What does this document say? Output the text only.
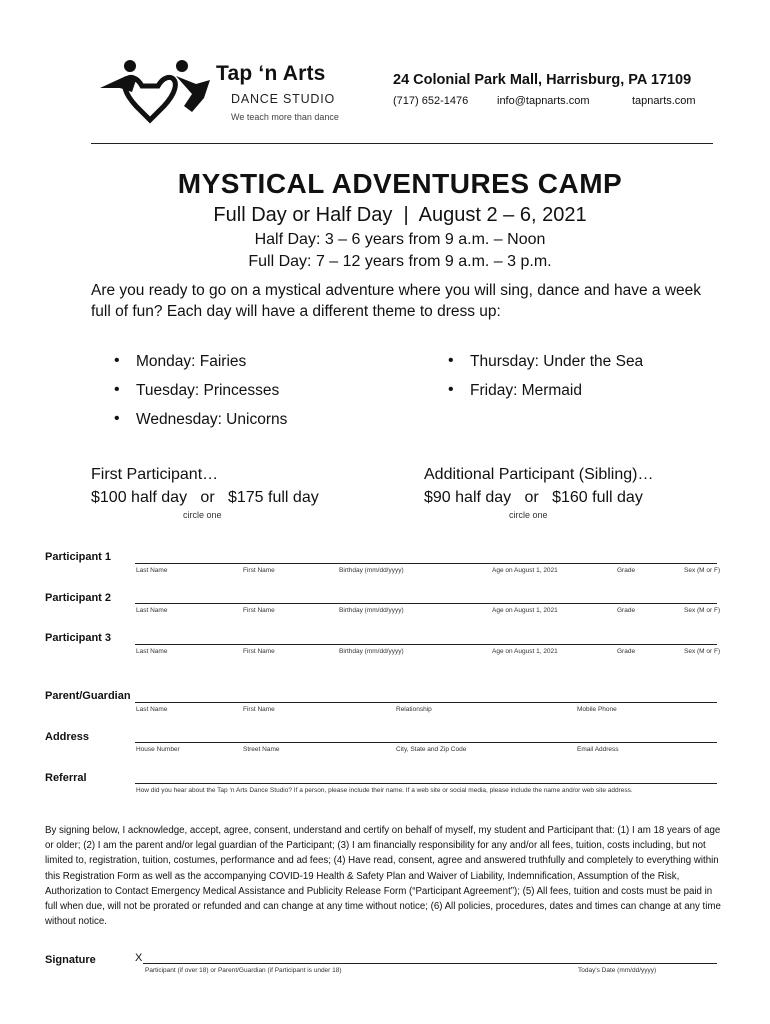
Tap ‘n Arts
DANCE STUDIO
We teach more than dance
24 Colonial Park Mall, Harrisburg, PA 17109
(717) 652-1476	info@tapnarts.com	tapnarts.com
MYSTICAL ADVENTURES CAMP
Full Day or Half Day  |  August 2 – 6, 2021
Half Day: 3 – 6 years from 9 a.m. – Noon
Full Day: 7 – 12 years from 9 a.m. – 3 p.m.
Are you ready to go on a mystical adventure where you will sing, dance and have a week full of fun? Each day will have a different theme to dress up:
• Monday: Fairies
• Tuesday: Princesses
• Wednesday: Unicorns
• Thursday: Under the Sea
• Friday: Mermaid
First Participant…
$100 half day   or   $175 full day
circle one
Additional Participant (Sibling)…
$90 half day   or   $160 full day
circle one
Participant 1
Last Name	First Name	Birthday (mm/dd/yyyy)	Age on August 1, 2021	Grade	Sex (M or F)
Participant 2
Last Name	First Name	Birthday (mm/dd/yyyy)	Age on August 1, 2021	Grade	Sex (M or F)
Participant 3
Last Name	First Name	Birthday (mm/dd/yyyy)	Age on August 1, 2021	Grade	Sex (M or F)
Parent/Guardian
Last Name	First Name	Relationship	Mobile Phone
Address
House Number	Street Name	City, State and Zip Code	Email Address
Referral
How did you hear about the Tap ‘n Arts Dance Studio? If a person, please include their name. If a web site or social media, please include the name and/or web site address.
By signing below, I acknowledge, accept, agree, consent, understand and certify on behalf of myself, my student and Participant that: (1) I am 18 years of age or older; (2) I am the parent and/or legal guardian of the Participant; (3) I am financially responsibility for any and/or all fees, tuition, costs including, but not limited to, registration, tuition, costumes, performance and ad fees; (4) Have read, consent, agree and answered truthfully and completely to everything within this Registration Form as well as the accompanying COVID-19 Health & Safety Plan and Waiver of Liability, Indemnification, Assumption of the Risk, Authorization to Contact Emergency Medical Assistance and Publicity Release Form (“Participant Agreement”); (5) All fees, tuition and costs must be paid in full when due, will not be prorated or refunded and can change at any time without notice; (6) All policies, procedures, dates and times can change at any time without notice.
Signature	X
Participant (if over 18) or Parent/Guardian (if Participant is under 18)	Today's Date (mm/dd/yyyy)
